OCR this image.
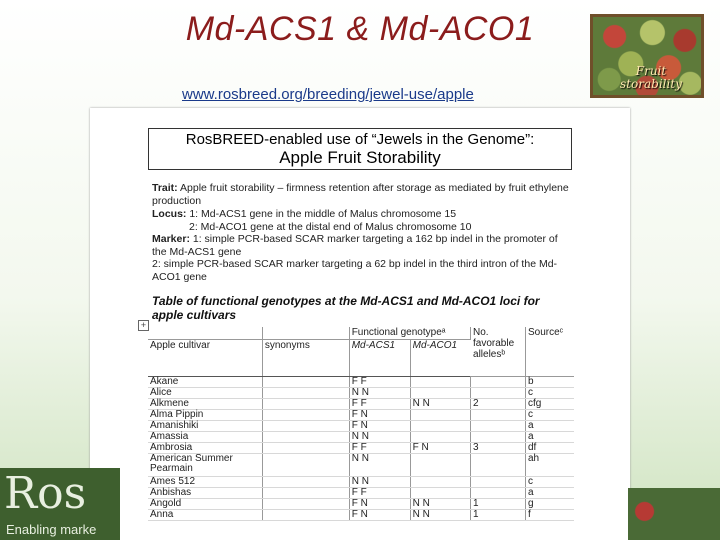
Md-ACS1 & Md-ACO1
www.rosbreed.org/breeding/jewel-use/apple
Fruit storability
RosBREED-enabled use of “Jewels in the Genome”:
Apple Fruit Storability
Trait: Apple fruit storability – firmness retention after storage as mediated by fruit ethylene production
Locus: 1: Md-ACS1 gene in the middle of Malus chromosome 15
2: Md-ACO1 gene at the distal end of Malus chromosome 10
Marker: 1: simple PCR-based SCAR marker targeting a 162 bp indel in the promoter of the Md-ACS1 gene
2: simple PCR-based SCAR marker targeting a 62 bp indel in the third intron of the Md-ACO1 gene
Table of functional genotypes at the Md-ACS1 and Md-ACO1 loci for apple cultivars
+
		Functional genotypeᵃ		No. favorable allelesᵇ	Sourceᶜ
Apple cultivar	synonyms	Md-ACS1	Md-ACO1		
Akane		F F			b
Alice		N N			c
Alkmene		F F	N N	2	cfg
Alma Pippin		F N			c
Amanishiki		F N			a
Amassia		N N			a
Ambrosia		F F	F N	3	df
American Summer Pearmain		N N			ah
Ames 512		N N			c
Anbishas		F F			a
Angold		F N	N N	1	g
Anna		F N	N N	1	f
Ros
Enabling marke
